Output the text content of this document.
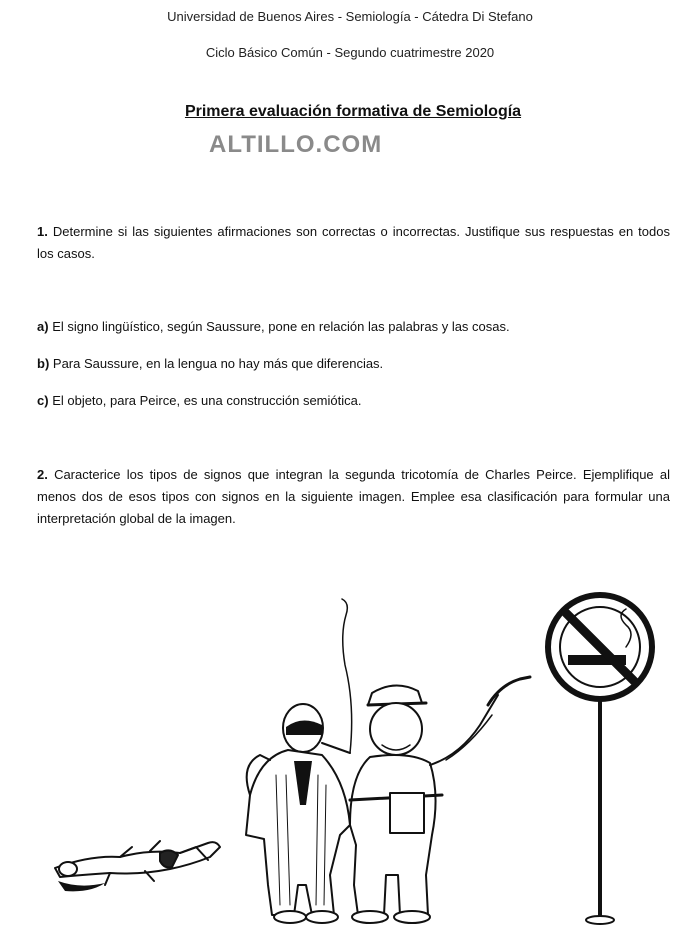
Universidad de Buenos Aires - Semiología - Cátedra Di Stefano
Ciclo Básico Común - Segundo cuatrimestre 2020
Primera evaluación formativa de Semiología
ALTILLO.COM
1. Determine si las siguientes afirmaciones son correctas o incorrectas. Justifique sus respuestas en todos los casos.
a) El signo lingüístico, según Saussure, pone en relación las palabras y las cosas.
b) Para Saussure, en la lengua no hay más que diferencias.
c) El objeto, para Peirce, es una construcción semiótica.
2. Caracterice los tipos de signos que integran la segunda tricotomía de Charles Peirce. Ejemplifique al menos dos de esos tipos con signos en la siguiente imagen. Emplee esa clasificación para formular una interpretación global de la imagen.
